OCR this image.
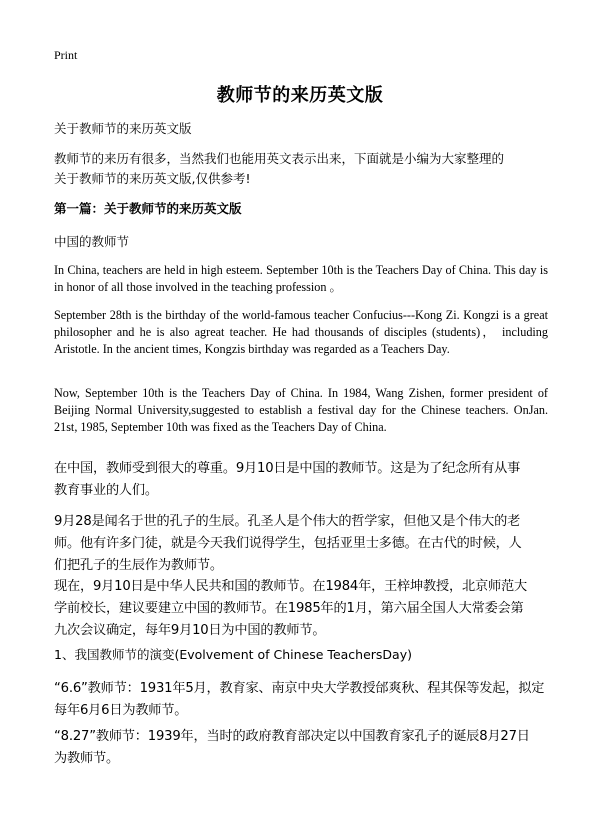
Print
教师节的来历英文版
关于教师节的来历英文版
教师节的来历有很多，当然我们也能用英文表示出来，下面就是小编为大家整理的
关于教师节的来历英文版,仅供参考!
第一篇：关于教师节的来历英文版
中国的教师节
In China, teachers are held in high esteem. September 10th is the Teachers Day of China. This day is in honor of all those involved in the teaching profession 。
September 28th is the birthday of the world-famous teacher Confucius---Kong Zi. Kongzi is a great philosopher and he is also agreat teacher. He had thousands of disciples (students)， including Aristotle. In the ancient times, Kongzis birthday was regarded as a Teachers Day.
Now, September 10th is the Teachers Day of China. In 1984, Wang Zishen, former president of Beijing Normal University,suggested to establish a festival day for the Chinese teachers. OnJan. 21st, 1985, September 10th was fixed as the Teachers Day of China.
在中国，教师受到很大的尊重。9月10日是中国的教师节。这是为了纪念所有从事
教育事业的人们。
9月28是闻名于世的孔子的生辰。孔圣人是个伟大的哲学家，但他又是个伟大的老
师。他有许多门徒，就是今天我们说得学生，包括亚里士多德。在古代的时候，人
们把孔子的生辰作为教师节。
现在，9月10日是中华人民共和国的教师节。在1984年，王梓坤教授，北京师范大
学前校长，建议要建立中国的教师节。在1985年的1月，第六届全国人大常委会第
九次会议确定，每年9月10日为中国的教师节。
1、我国教师节的演变(Evolvement of Chinese TeachersDay)
“6.6”教师节：1931年5月，教育家、南京中央大学教授邰爽秋、程其保等发起，拟定
每年6月6日为教师节。
“8.27”教师节：1939年，当时的政府教育部决定以中国教育家孔子的诞辰8月27日
为教师节。
